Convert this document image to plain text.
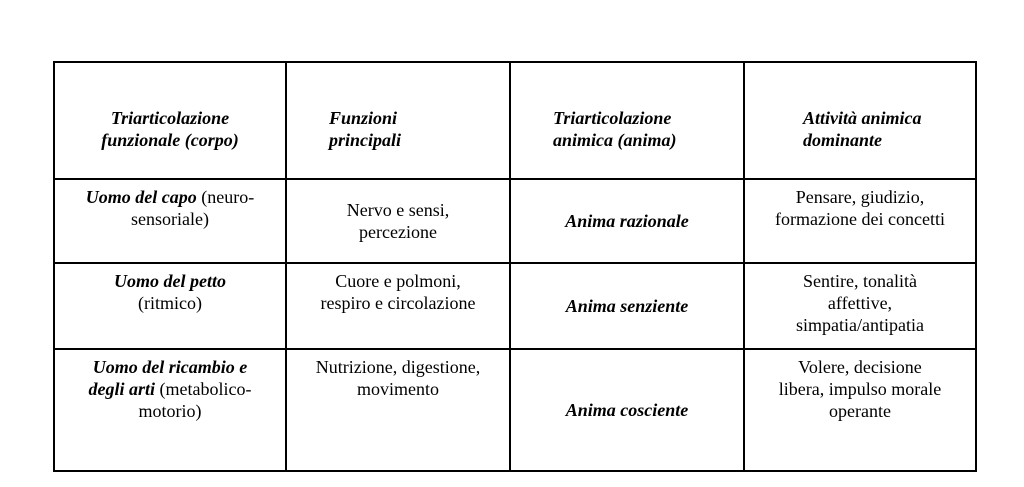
Triarticolazione
funzionale (corpo)	Funzioni
principali	Triarticolazione
animica (anima)	Attività animica
dominante

Uomo del capo (neuro-
sensoriale)	Nervo e sensi,
percezione	Anima razionale	Pensare, giudizio,
formazione dei concetti

Uomo del petto
(ritmico)	Cuore e polmoni,
respiro e circolazione	Anima senziente	Sentire, tonalità
affettive,
simpatia/antipatia

Uomo del ricambio e
degli arti (metabolico-
motorio)	Nutrizione, digestione,
movimento	Anima cosciente	Volere, decisione
libera, impulso morale
operante
